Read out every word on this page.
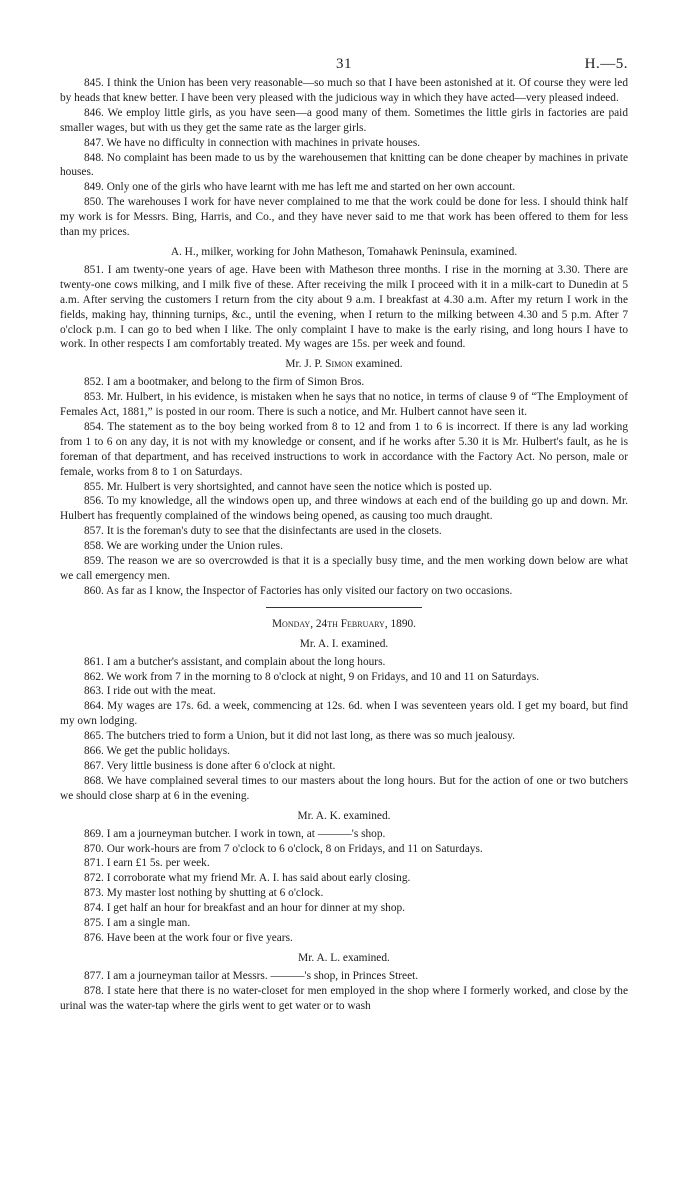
31	H.—5.

845. I think the Union has been very reasonable—so much so that I have been astonished at it. Of course they were led by heads that knew better. I have been very pleased with the judicious way in which they have acted—very pleased indeed.

846. We employ little girls, as you have seen—a good many of them. Sometimes the little girls in factories are paid smaller wages, but with us they get the same rate as the larger girls.

847. We have no difficulty in connection with machines in private houses.

848. No complaint has been made to us by the warehousemen that knitting can be done cheaper by machines in private houses.

849. Only one of the girls who have learnt with me has left me and started on her own account.

850. The warehouses I work for have never complained to me that the work could be done for less. I should think half my work is for Messrs. Bing, Harris, and Co., and they have never said to me that work has been offered to them for less than my prices.

A. H., milker, working for John Matheson, Tomahawk Peninsula, examined.

851. I am twenty-one years of age. Have been with Matheson three months. I rise in the morning at 3.30. There are twenty-one cows milking, and I milk five of these. After receiving the milk I proceed with it in a milk-cart to Dunedin at 5 a.m. After serving the customers I return from the city about 9 a.m. I breakfast at 4.30 a.m. After my return I work in the fields, making hay, thinning turnips, &c., until the evening, when I return to the milking between 4.30 and 5 p.m. After 7 o'clock p.m. I can go to bed when I like. The only complaint I have to make is the early rising, and long hours I have to work. In other respects I am comfortably treated. My wages are 15s. per week and found.

Mr. J. P. Simon examined.

852. I am a bootmaker, and belong to the firm of Simon Bros.

853. Mr. Hulbert, in his evidence, is mistaken when he says that no notice, in terms of clause 9 of “The Employment of Females Act, 1881,” is posted in our room. There is such a notice, and Mr. Hulbert cannot have seen it.

854. The statement as to the boy being worked from 8 to 12 and from 1 to 6 is incorrect. If there is any lad working from 1 to 6 on any day, it is not with my knowledge or consent, and if he works after 5.30 it is Mr. Hulbert's fault, as he is foreman of that department, and has received instructions to work in accordance with the Factory Act. No person, male or female, works from 8 to 1 on Saturdays.

855. Mr. Hulbert is very shortsighted, and cannot have seen the notice which is posted up.

856. To my knowledge, all the windows open up, and three windows at each end of the building go up and down. Mr. Hulbert has frequently complained of the windows being opened, as causing too much draught.

857. It is the foreman's duty to see that the disinfectants are used in the closets.

858. We are working under the Union rules.

859. The reason we are so overcrowded is that it is a specially busy time, and the men working down below are what we call emergency men.

860. As far as I know, the Inspector of Factories has only visited our factory on two occasions.

Monday, 24th February, 1890.
Mr. A. I. examined.

861. I am a butcher's assistant, and complain about the long hours.

862. We work from 7 in the morning to 8 o'clock at night, 9 on Fridays, and 10 and 11 on Saturdays.

863. I ride out with the meat.

864. My wages are 17s. 6d. a week, commencing at 12s. 6d. when I was seventeen years old. I get my board, but find my own lodging.

865. The butchers tried to form a Union, but it did not last long, as there was so much jealousy.

866. We get the public holidays.

867. Very little business is done after 6 o'clock at night.

868. We have complained several times to our masters about the long hours. But for the action of one or two butchers we should close sharp at 6 in the evening.

Mr. A. K. examined.

869. I am a journeyman butcher. I work in town, at ———'s shop.

870. Our work-hours are from 7 o'clock to 6 o'clock, 8 on Fridays, and 11 on Saturdays.

871. I earn £1 5s. per week.

872. I corroborate what my friend Mr. A. I. has said about early closing.

873. My master lost nothing by shutting at 6 o'clock.

874. I get half an hour for breakfast and an hour for dinner at my shop.

875. I am a single man.

876. Have been at the work four or five years.

Mr. A. L. examined.

877. I am a journeyman tailor at Messrs. ———'s shop, in Princes Street.

878. I state here that there is no water-closet for men employed in the shop where I formerly worked, and close by the urinal was the water-tap where the girls went to get water or to wash
